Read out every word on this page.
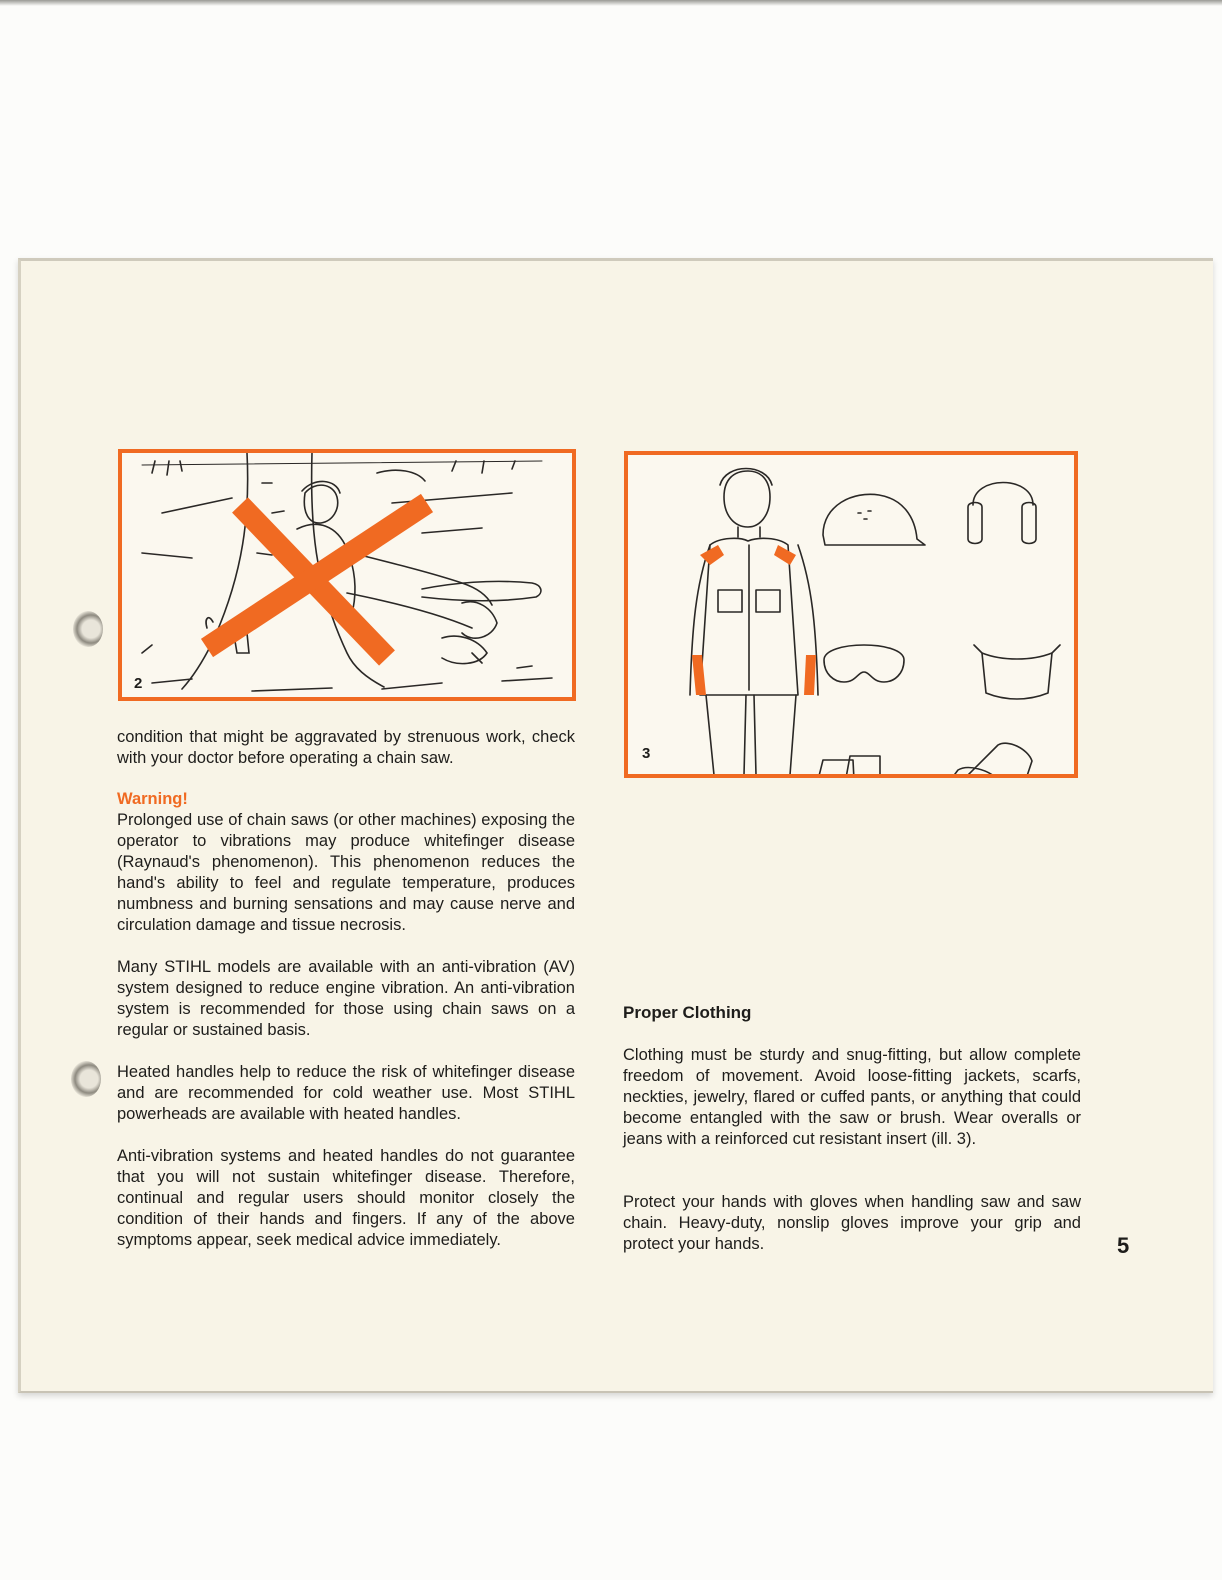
2
3

condition that might be aggravated by strenuous work, check with your doctor before operating a chain saw.

Warning!

Prolonged use of chain saws (or other machines) exposing the operator to vibrations may produce whitefinger disease (Raynaud's phenomenon). This phenomenon reduces the hand's ability to feel and regulate temperature, produces numbness and burning sensations and may cause nerve and circulation damage and tissue necrosis.

Many STIHL models are available with an anti-vibration (AV) system designed to reduce engine vibration. An anti-vibration system is recommended for those using chain saws on a regular or sustained basis.

Heated handles help to reduce the risk of whitefinger disease and are recommended for cold weather use. Most STIHL powerheads are available with heated handles.

Anti-vibration systems and heated handles do not guarantee that you will not sustain whitefinger disease. Therefore, continual and regular users should monitor closely the condition of their hands and fingers. If any of the above symptoms appear, seek medical advice immediately.

Proper Clothing

Clothing must be sturdy and snug-fitting, but allow complete freedom of movement. Avoid loose-fitting jackets, scarfs, neckties, jewelry, flared or cuffed pants, or anything that could become entangled with the saw or brush. Wear overalls or jeans with a reinforced cut resistant insert (ill. 3).

Protect your hands with gloves when handling saw and saw chain. Heavy-duty, nonslip gloves improve your grip and protect your hands.	5
